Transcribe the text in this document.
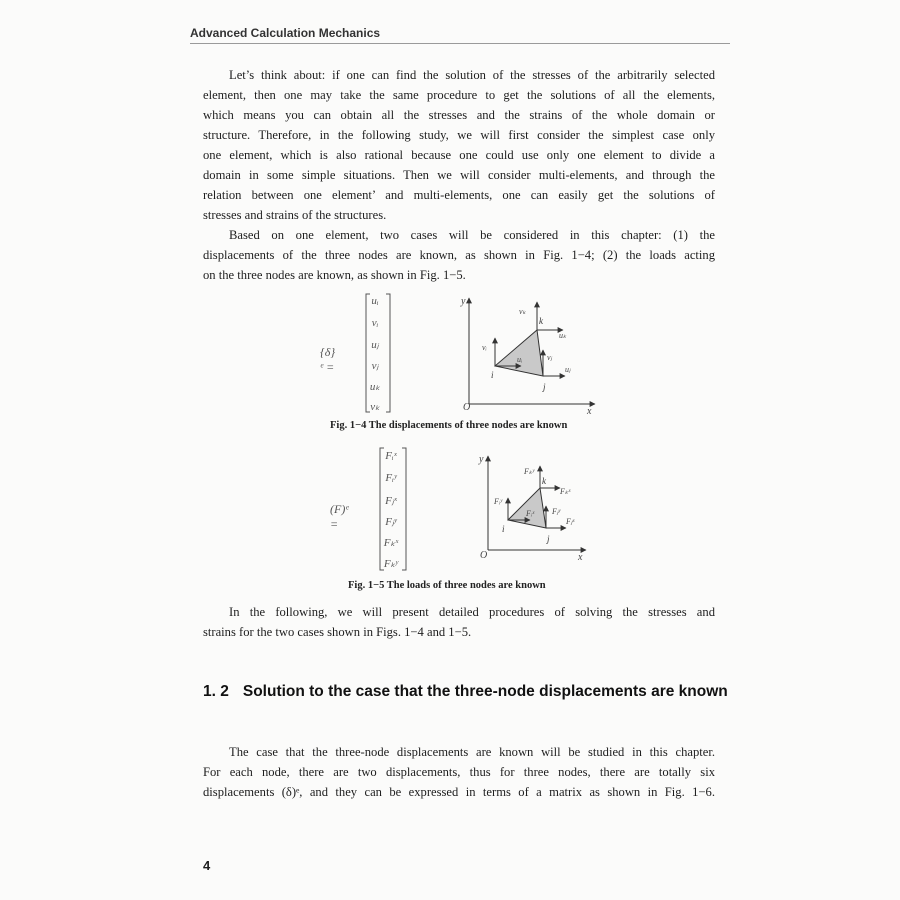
Advanced Calculation Mechanics
Let’s think about: if one can find the solution of the stresses of the arbitrarily selected
element, then one may take the same procedure to get the solutions of all the elements,
which means you can obtain all the stresses and the strains of the whole domain or
structure. Therefore, in the following study, we will first consider the simplest case only
one element, which is also rational because one could use only one element to divide a
domain in some simple situations. Then we will consider multi-elements, and through the
relation between one element’ and multi-elements, one can easily get the solutions of
stresses and strains of the structures.
Based on one element, two cases will be considered in this chapter: (1) the
displacements of the three nodes are known, as shown in Fig. 1−4; (2) the loads acting
on the three nodes are known, as shown in Fig. 1−5.
{δ}ᵉ =
uᵢ
vᵢ
uⱼ
vⱼ
uₖ
vₖ
y
x
O
i
j
k
vₖ
uₖ
vᵢ
uᵢ	vⱼ
uⱼ
Fig. 1−4 The displacements of three nodes are known
(F)ᵉ =
Fᵢˣ
Fᵢʸ
Fⱼˣ
Fⱼʸ
Fₖˣ
Fₖʸ
y
x
O
i
j
k
Fₖʸ
Fₖˣ
Fᵢʸ
Fᵢˣ Fⱼʸ
Fⱼˣ
Fig. 1−5 The loads of three nodes are known
In the following, we will present detailed procedures of solving the stresses and
strains for the two cases shown in Figs. 1−4 and 1−5.
1. 2 Solution to the case that the three-node displacements are known
The case that the three-node displacements are known will be studied in this chapter.
For each node, there are two displacements, thus for three nodes, there are totally six
displacements (δ)ᵉ, and they can be expressed in terms of a matrix as shown in Fig. 1−6.
4
